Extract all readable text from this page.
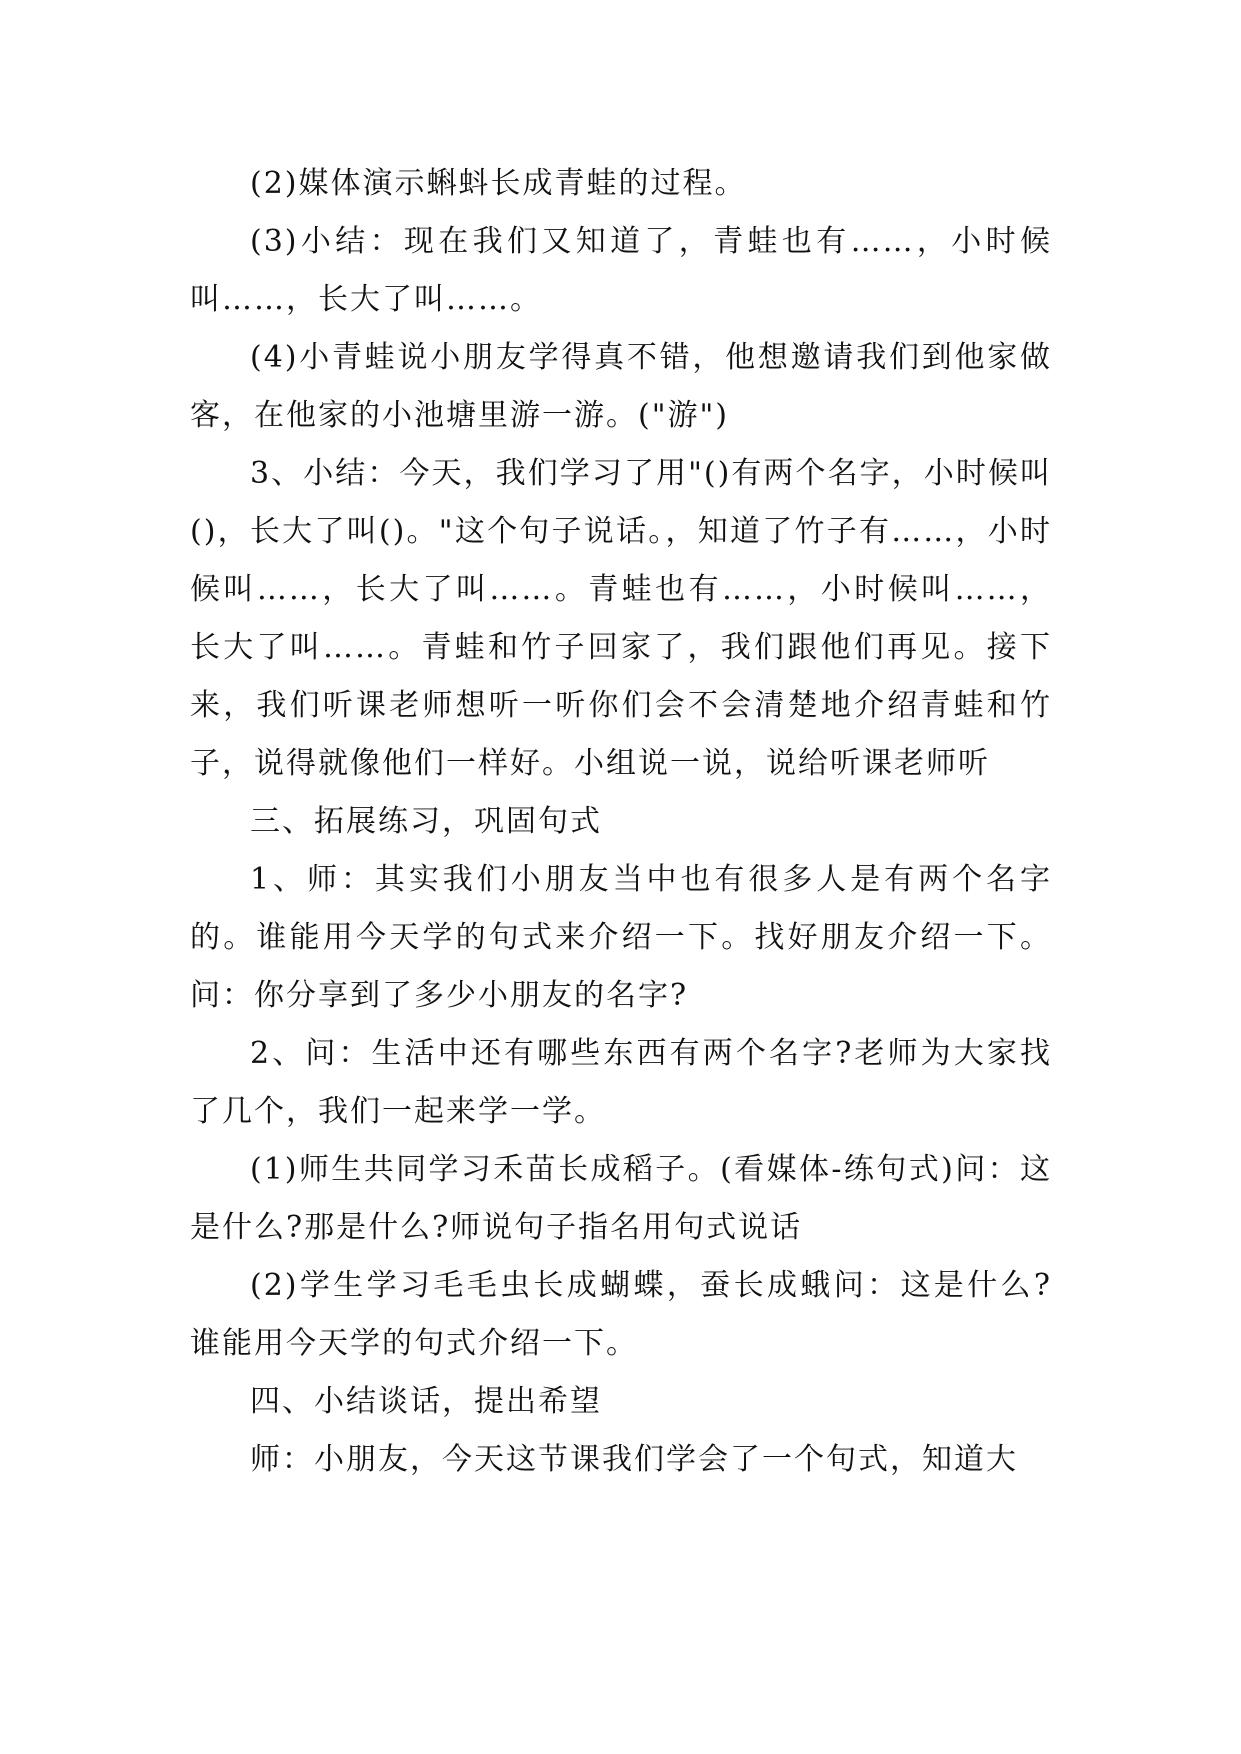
(2)媒体演示蝌蚪长成青蛙的过程。

(3)小结：现在我们又知道了，青蛙也有……，小时候叫……，长大了叫……。

(4)小青蛙说小朋友学得真不错，他想邀请我们到他家做客，在他家的小池塘里游一游。("游")

3、小结：今天，我们学习了用"()有两个名字，小时候叫()，长大了叫()。"这个句子说话。，知道了竹子有……，小时候叫……，长大了叫……。青蛙也有……，小时候叫……，长大了叫……。青蛙和竹子回家了，我们跟他们再见。接下来，我们听课老师想听一听你们会不会清楚地介绍青蛙和竹子，说得就像他们一样好。小组说一说，说给听课老师听

三、拓展练习，巩固句式

1、师：其实我们小朋友当中也有很多人是有两个名字的。谁能用今天学的句式来介绍一下。找好朋友介绍一下。问：你分享到了多少小朋友的名字?

2、问：生活中还有哪些东西有两个名字?老师为大家找了几个，我们一起来学一学。

(1)师生共同学习禾苗长成稻子。(看媒体-练句式)问：这是什么?那是什么?师说句子指名用句式说话

(2)学生学习毛毛虫长成蝴蝶，蚕长成蛾问：这是什么?谁能用今天学的句式介绍一下。

四、小结谈话，提出希望

师：小朋友，今天这节课我们学会了一个句式，知道大
